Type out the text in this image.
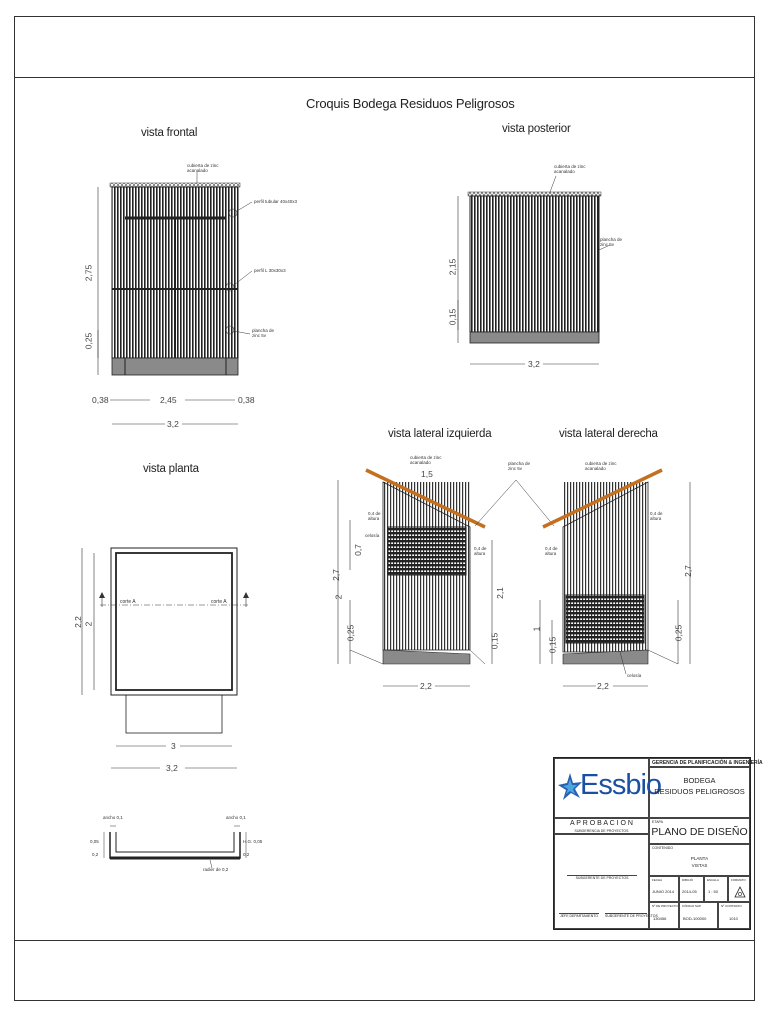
Croquis Bodega Residuos Peligrosos
vista frontal	vista posterior
vista planta
vista lateral izquierda	vista lateral derecha
cubierta de zinc acanalado
perfil tubular 40x40x3
perfil L 30x30x3
plancha de zinc 5v
2,75
0,25
0,38	2,45	0,38
3,2
cubierta de zinc acanalado
plancha de zinc 5v
2,15
0,15
3,2
cubierta de zinc acanalado
1,5
0,4 de altura
celosía
0,4 de altura
2,7
2
0,7
0,25
2,1
0,15
2,2
cubierta de zinc acanalado
plancha de zinc 5v
0,4 de altura
0,4 de altura
celosía
2,7
1
0,15
0,25
2,2
corte A	corte A
2,2 2
3
3,2
ancho 0,1	ancho 0,1
0,05
0,2
H.G. 0,05
0,2
radier de 0,2
Essbio
GERENCIA DE PLANIFICACIÓN & INGENIERÍA
BODEGA
RESIDUOS PELIGROSOS
A P R O B A C I O N
SUBGERENCIA DE PROYECTOS
SUBGERENTE DE PROYECTOS
JEFE DEPARTAMENTO SUBGERENTE DE PROYECTOS
ETAPA
PLANO DE DISEÑO
CONTENIDO
PLANTA
VISTAS
FECHA
JUNIO 2014
DIBUJÓ
2014-05
ESCALA
1 : 50
FORMATO
Nº DE PROYECTO
130456
CÓDIGO SAP
BOD-100000
Nº CONTRATO
1010
